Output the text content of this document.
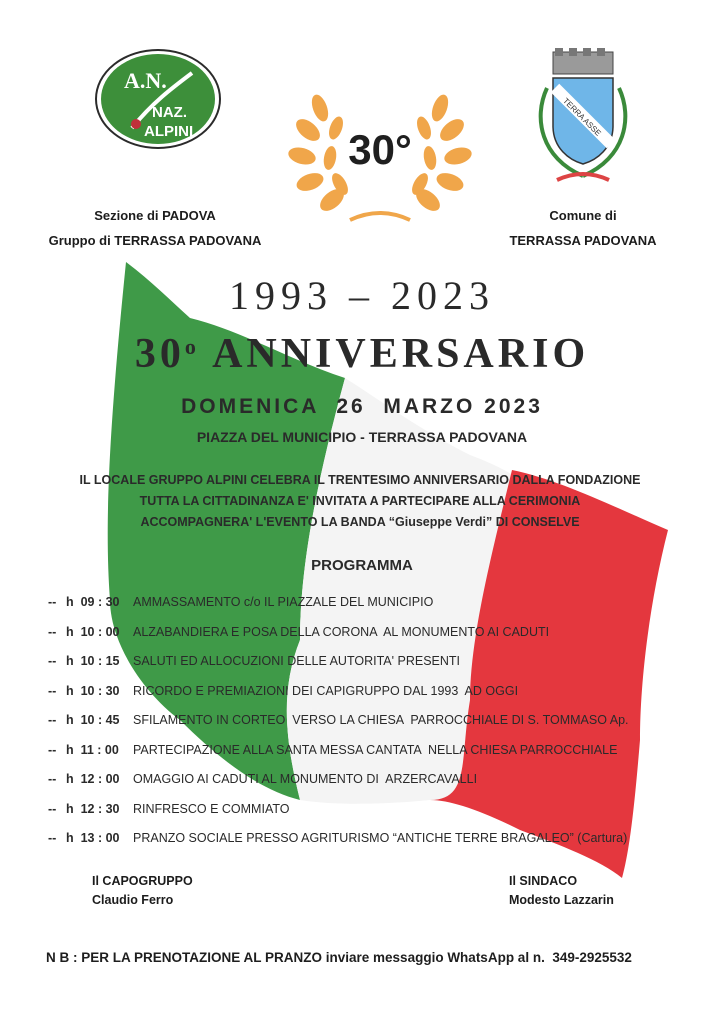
A.N.
NAZ.
ALPINI	30°
TERRA ASSE
Sezione di PADOVA
Gruppo di TERRASSA PADOVANA
Comune di
TERRASSA PADOVANA
1993 – 2023
30$^o$ ANNIVERSARIO
DOMENICA  26  MARZO 2023
PIAZZA DEL MUNICIPIO - TERRASSA PADOVANA
IL LOCALE GRUPPO ALPINI CELEBRA IL TRENTESIMO ANNIVERSARIO DALLA FONDAZIONE
TUTTA LA CITTADINANZA E' INVITATA A PARTECIPARE ALLA CERIMONIA
ACCOMPAGNERA' L'EVENTO LA BANDA “Giuseppe Verdi” DI CONSELVE
PROGRAMMA
-- h  09 : 30 AMMASSAMENTO c/o IL PIAZZALE DEL MUNICIPIO
-- h  10 : 00 ALZABANDIERA E POSA DELLA CORONA  AL MONUMENTO AI CADUTI
-- h  10 : 15 SALUTI ED ALLOCUZIONI DELLE AUTORITA' PRESENTI
-- h  10 : 30 RICORDO E PREMIAZIONI DEI CAPIGRUPPO DAL 1993  AD OGGI
-- h  10 : 45 SFILAMENTO IN CORTEO  VERSO LA CHIESA  PARROCCHIALE DI S. TOMMASO Ap.
-- h  11 : 00 PARTECIPAZIONE ALLA SANTA MESSA CANTATA  NELLA CHIESA PARROCCHIALE
-- h  12 : 00 OMAGGIO AI CADUTI AL MONUMENTO DI  ARZERCAVALLI
-- h  12 : 30 RINFRESCO E COMMIATO
-- h  13 : 00 PRANZO SOCIALE PRESSO AGRITURISMO “ANTICHE TERRE BRAGALEO” (Cartura)
Il CAPOGRUPPO
Claudio Ferro
Il SINDACO
Modesto Lazzarin
N B : PER LA PRENOTAZIONE AL PRANZO inviare messaggio WhatsApp al n.  349-2925532
